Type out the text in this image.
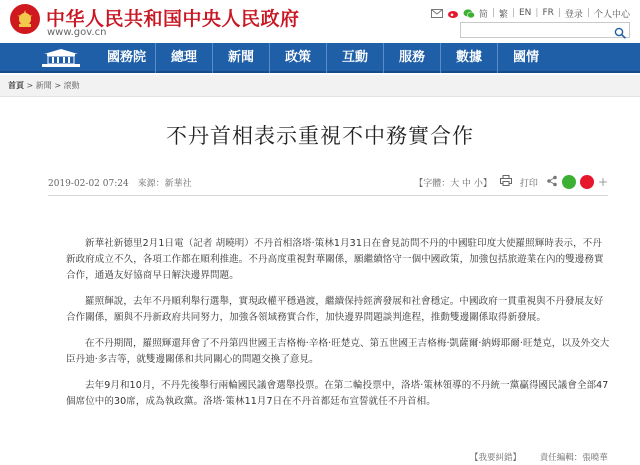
中华人民共和国中央人民政府
www.gov.cn
简 | 繁 | EN | FR | 登录 | 个人中心
國務院	總理	新聞	政策	互動	服務	數據	國情
首頁 > 新聞 > 滾動
不丹首相表示重視不中務實合作
2019-02-02 07:24 來源：新華社	【字體：大 中 小】	打印	+

新華社新德里2月1日電（記者 胡曉明）不丹首相洛塔·策林1月31日在會見訪問不丹的中國駐印度大使羅照輝時表示，不丹新政府成立不久，各項工作都在順利推進。不丹高度重視對華關係，願繼續恪守一個中國政策，加強包括旅遊業在內的雙邊務實合作，通過友好協商早日解決邊界問題。

羅照輝說，去年不丹順利舉行選舉，實現政權平穩過渡，繼續保持經濟發展和社會穩定。中國政府一貫重視與不丹發展友好合作關係，願與不丹新政府共同努力，加強各領域務實合作，加快邊界問題談判進程，推動雙邊關係取得新發展。

在不丹期間，羅照輝還拜會了不丹第四世國王吉格梅·辛格·旺楚克、第五世國王吉格梅·凱薩爾·納姆耶爾·旺楚克，以及外交大臣丹迪·多吉等，就雙邊關係和共同關心的問題交換了意見。

去年9月和10月，不丹先後舉行兩輪國民議會選舉投票。在第二輪投票中，洛塔·策林領導的不丹統一黨贏得國民議會全部47個席位中的30席，成為執政黨。洛塔·策林11月7日在不丹首都廷布宣誓就任不丹首相。

【我要糾錯】 責任編輯：張曉華
